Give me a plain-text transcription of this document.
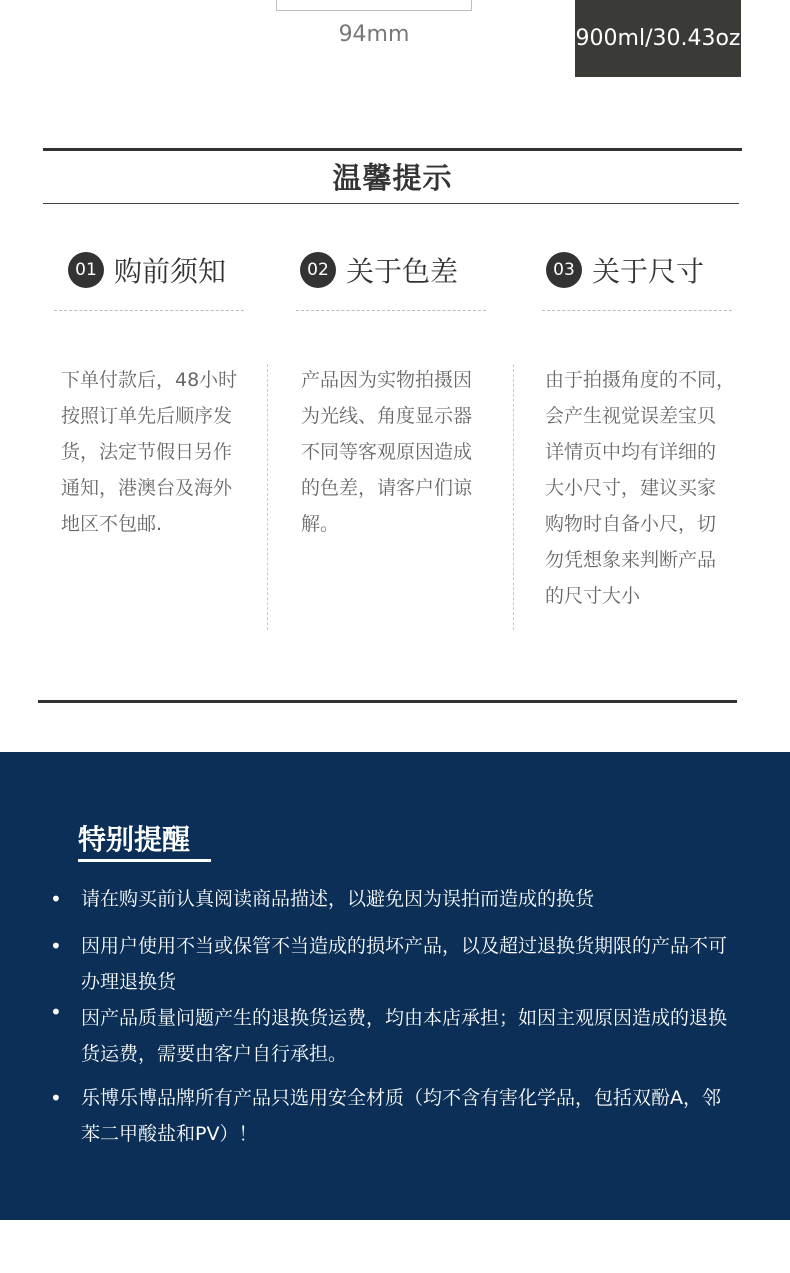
94mm	900ml/30.43oz
温馨提示
01 购前须知
下单付款后，48小时
按照订单先后顺序发
货，法定节假日另作
通知，港澳台及海外
地区不包邮.
02 关于色差
产品因为实物拍摄因
为光线、角度显示器
不同等客观原因造成
的色差，请客户们谅
解。
03 关于尺寸
由于拍摄角度的不同，
会产生视觉误差宝贝
详情页中均有详细的
大小尺寸，建议买家
购物时自备小尺，切
勿凭想象来判断产品
的尺寸大小
特别提醒
• 请在购买前认真阅读商品描述，以避免因为误拍而造成的换货
• 因用户使用不当或保管不当造成的损坏产品，以及超过退换货期限的产品不可
办理退换货
• 因产品质量问题产生的退换货运费，均由本店承担；如因主观原因造成的退换
货运费，需要由客户自行承担。
• 乐博乐博品牌所有产品只选用安全材质（均不含有害化学品，包括双酚A，邻
苯二甲酸盐和PV）！
